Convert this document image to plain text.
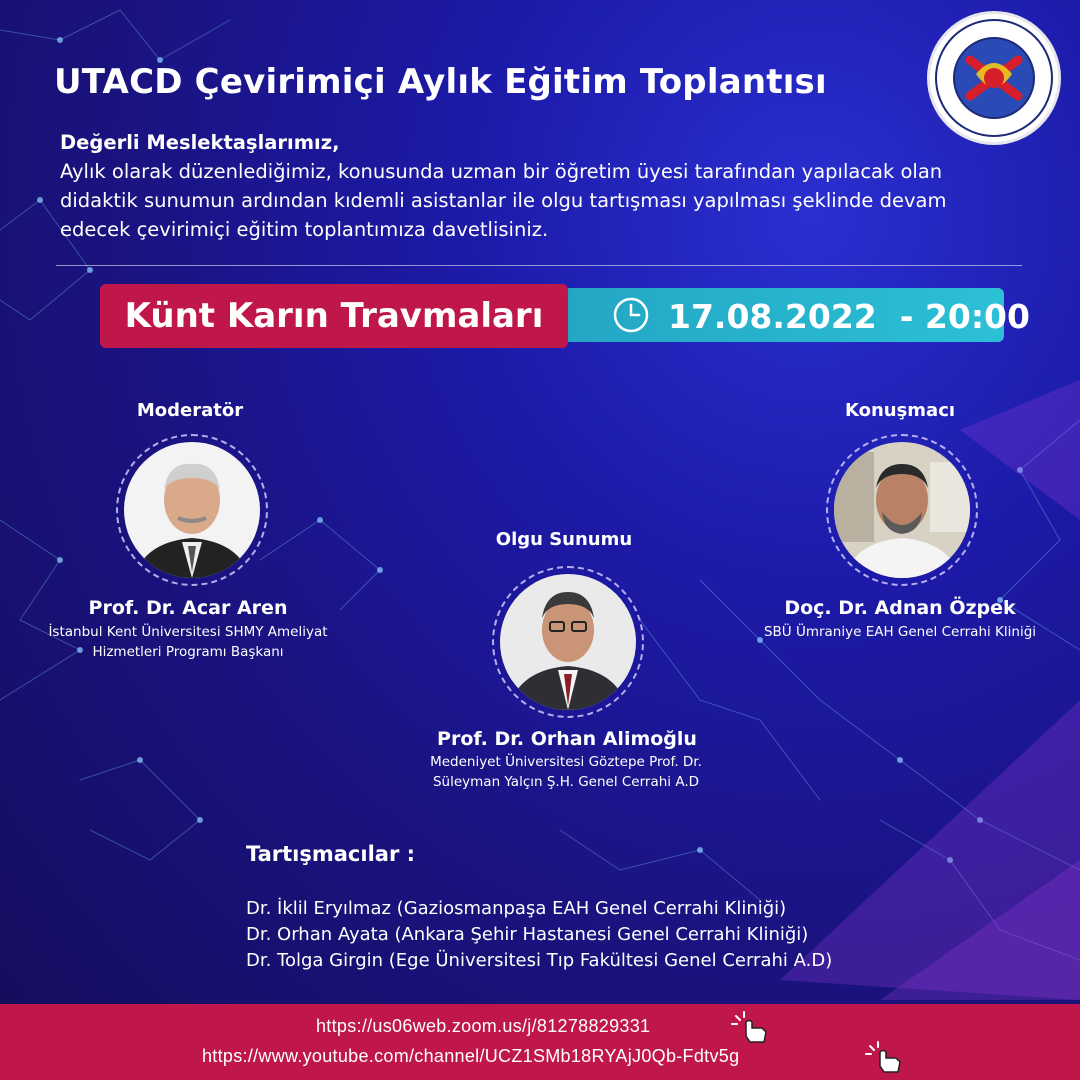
UTACD Çevirimiçi Aylık Eğitim Toplantısı
Değerli Meslektaşlarımız,
Aylık olarak düzenlediğimiz, konusunda uzman bir öğretim üyesi tarafından yapılacak olan
didaktik sunumun ardından kıdemli asistanlar ile olgu tartışması yapılması şeklinde devam
edecek çevirimiçi eğitim toplantımıza davetlisiniz.
Künt Karın Travmaları	17.08.2022  - 20:00
Moderatör
Prof. Dr. Acar Aren
İstanbul Kent Üniversitesi SHMY Ameliyat
Hizmetleri Programı Başkanı
Olgu Sunumu
Prof. Dr. Orhan Alimoğlu
Medeniyet Üniversitesi Göztepe Prof. Dr.
Süleyman Yalçın Ş.H. Genel Cerrahi A.D
Konuşmacı
Doç. Dr. Adnan Özpek
SBÜ Ümraniye EAH Genel Cerrahi Kliniği
Tartışmacılar :
Dr. İklil Eryılmaz (Gaziosmanpaşa EAH Genel Cerrahi Kliniği)
Dr. Orhan Ayata (Ankara Şehir Hastanesi Genel Cerrahi Kliniği)
Dr. Tolga Girgin (Ege Üniversitesi Tıp Fakültesi Genel Cerrahi A.D)
https://us06web.zoom.us/j/81278829331
https://www.youtube.com/channel/UCZ1SMb18RYAjJ0Qb-Fdtv5g
